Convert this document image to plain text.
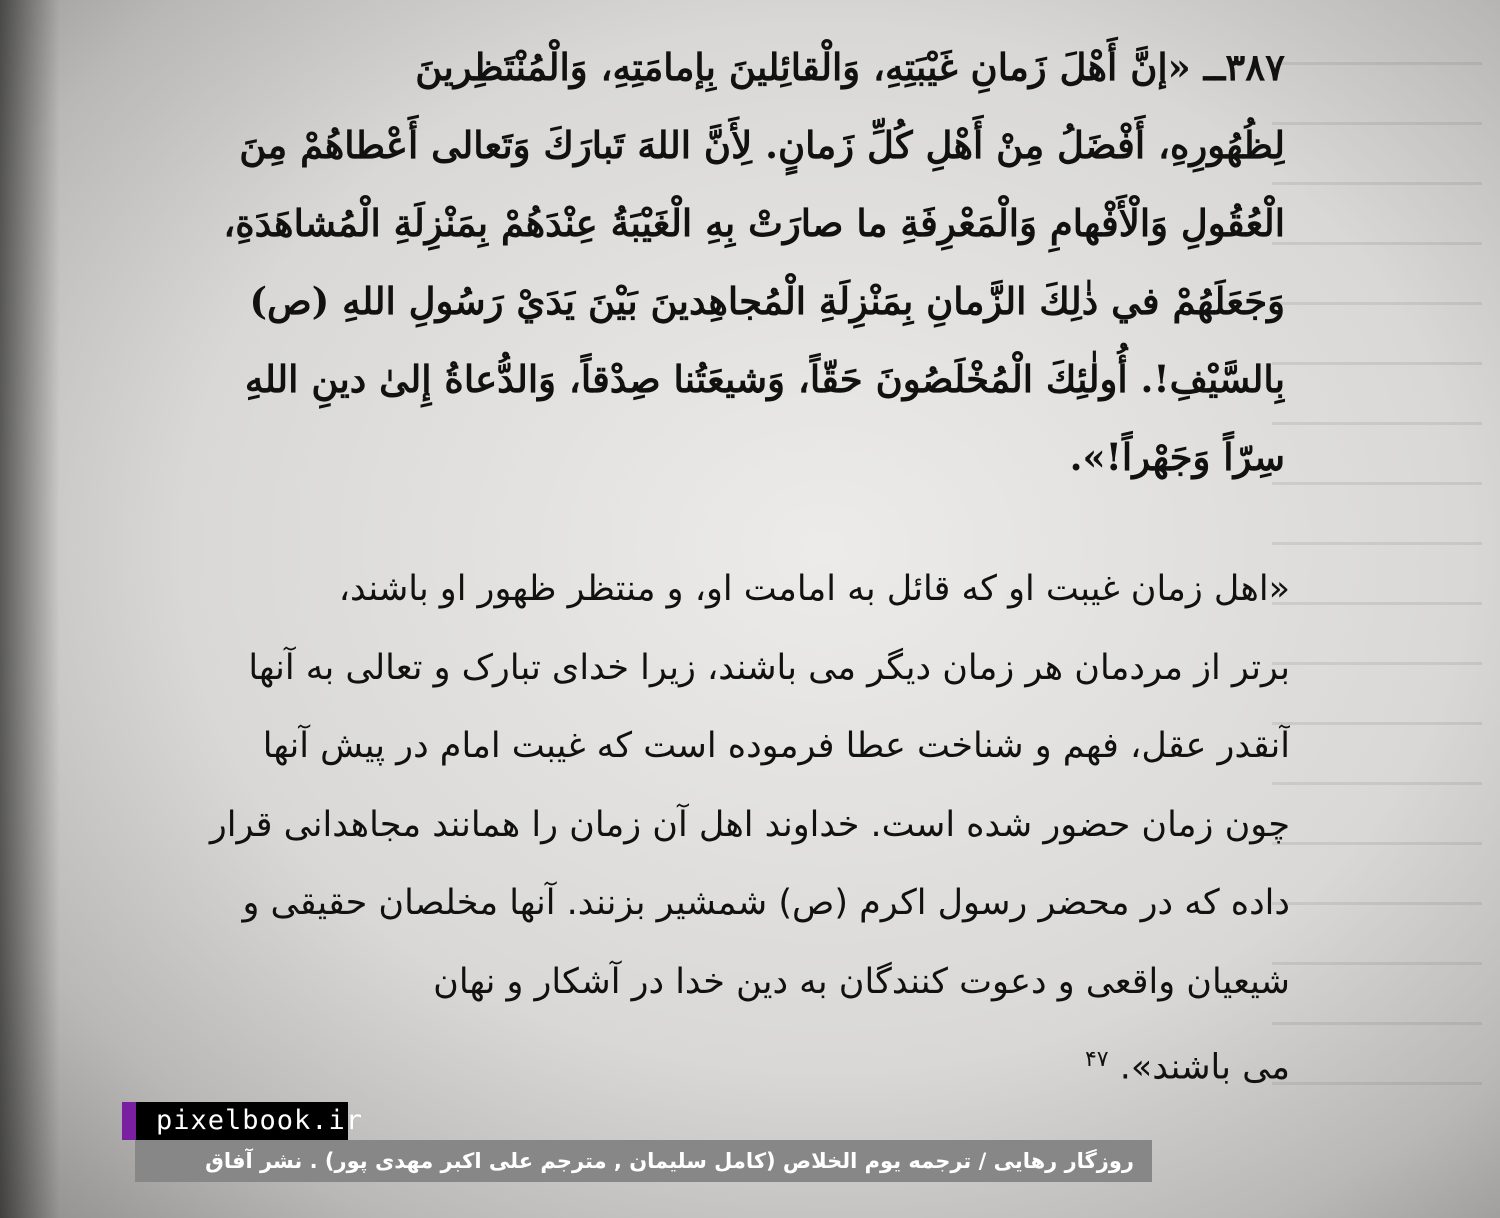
٣٨٧ــ «إنَّ أَهْلَ زَمانِ غَيْبَتِهِ، وَالْقائِلينَ بِإمامَتِهِ، وَالْمُنْتَظِرينَ
لِظُهُورِهِ، أَفْضَلُ مِنْ أَهْلِ كُلِّ زَمانٍ. لِأَنَّ اللهَ تَبارَكَ وَتَعالى أَعْطاهُمْ مِنَ
الْعُقُولِ وَالْأَفْهامِ وَالْمَعْرِفَةِ ما صارَتْ بِهِ الْغَيْبَةُ عِنْدَهُمْ بِمَنْزِلَةِ الْمُشاهَدَةِ،
وَجَعَلَهُمْ في ذٰلِكَ الزَّمانِ بِمَنْزِلَةِ الْمُجاهِدينَ بَيْنَ يَدَيْ رَسُولِ اللهِ (ص)
بِالسَّيْفِ!. أُولٰئِكَ الْمُخْلَصُونَ حَقّاً، وَشيعَتُنا صِدْقاً، وَالدُّعاةُ إِلىٰ دينِ اللهِ
سِرّاً وَجَهْراً!».
«اهل زمان غیبت او که قائل به امامت او، و منتظر ظهور او باشند،
برتر از مردمان هر زمان دیگر می باشند، زیرا خدای تبارک و تعالی به آنها
آنقدر عقل، فهم و شناخت عطا فرموده است که غیبت امام در پیش آنها
چون زمان حضور شده است. خداوند اهل آن زمان را همانند مجاهدانی قرار
داده که در محضر رسول اکرم (ص) شمشیر بزنند. آنها مخلصان حقیقی و
شیعیان واقعی و دعوت کنندگان به دین خدا در آشکار و نهان
می باشند». $^{۴۷}$
pixelbook.ir
روزگار رهایی / ترجمه یوم الخلاص (کامل سلیمان , مترجم علی اکبر مهدی پور) . نشر آفاق
